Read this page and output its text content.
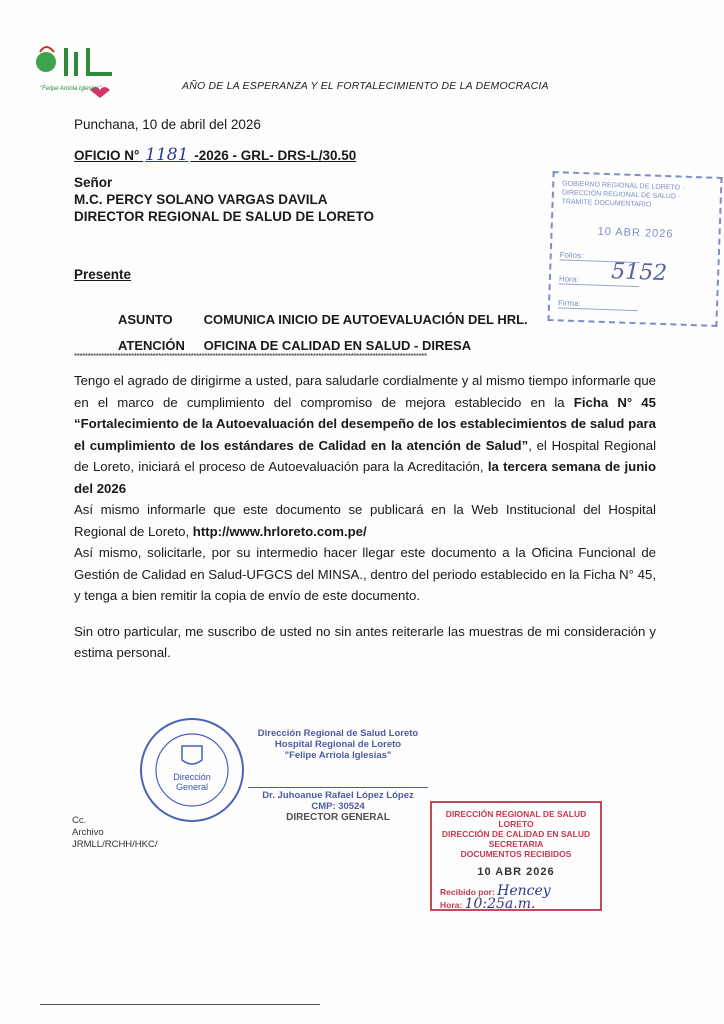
"Felipe Arriola Iglesias"	AÑO DE LA ESPERANZA Y EL FORTALECIMIENTO DE LA DEMOCRACIA
Punchana, 10 de abril del 2026
OFICIO N° 1181 -2026 - GRL- DRS-L/30.50
Señor
M.C. PERCY SOLANO VARGAS DAVILA
DIRECTOR REGIONAL DE SALUD DE LORETO
Presente
ASUNTO COMUNICA INICIO DE AUTOEVALUACIÓN DEL HRL.
ATENCIÓN OFICINA DE CALIDAD EN SALUD - DIRESA
**********************************************************************************************************************************

Tengo el agrado de dirigirme a usted, para saludarle cordialmente y al mismo tiempo informarle que en el marco de cumplimiento del compromiso de mejora establecido en la Ficha N° 45 “Fortalecimiento de la Autoevaluación del desempeño de los establecimientos de salud para el cumplimiento de los estándares de Calidad en la atención de Salud”, el Hospital Regional de Loreto, iniciará el proceso de Autoevaluación para la Acreditación, la tercera semana de junio del 2026

Así mismo informarle que este documento se publicará en la Web Institucional del Hospital Regional de Loreto, http://www.hrloreto.com.pe/

Así mismo, solicitarle, por su intermedio hacer llegar este documento a la Oficina Funcional de Gestión de Calidad en Salud-UFGCS del MINSA., dentro del periodo establecido en la Ficha N° 45, y tenga a bien remitir la copia de envío de este documento.

Sin otro particular, me suscribo de usted no sin antes reiterarle las muestras de mi consideración y estima personal.

Dirección General
Dirección Regional de Salud Loreto
Hospital Regional de Loreto
"Felipe Arriola Iglesias"
Dr. Juhoanue Rafael López López
CMP: 30524
DIRECTOR GENERAL
Cc.
Archivo
JRMLL/RCHH/HKC/
DIRECCIÓN REGIONAL DE SALUD LORETO
DIRECCIÓN DE CALIDAD EN SALUD
SECRETARIA
DOCUMENTOS RECIBIDOS
10 ABR 2026
Recibido por: Hencey
Hora: 10:25a.m.
GOBIERNO REGIONAL DE LORETO · DIRECCIÓN REGIONAL DE SALUD · TRAMITE DOCUMENTARIO
10 ABR 2026
5152
Folios:
Hora:
Firma:
